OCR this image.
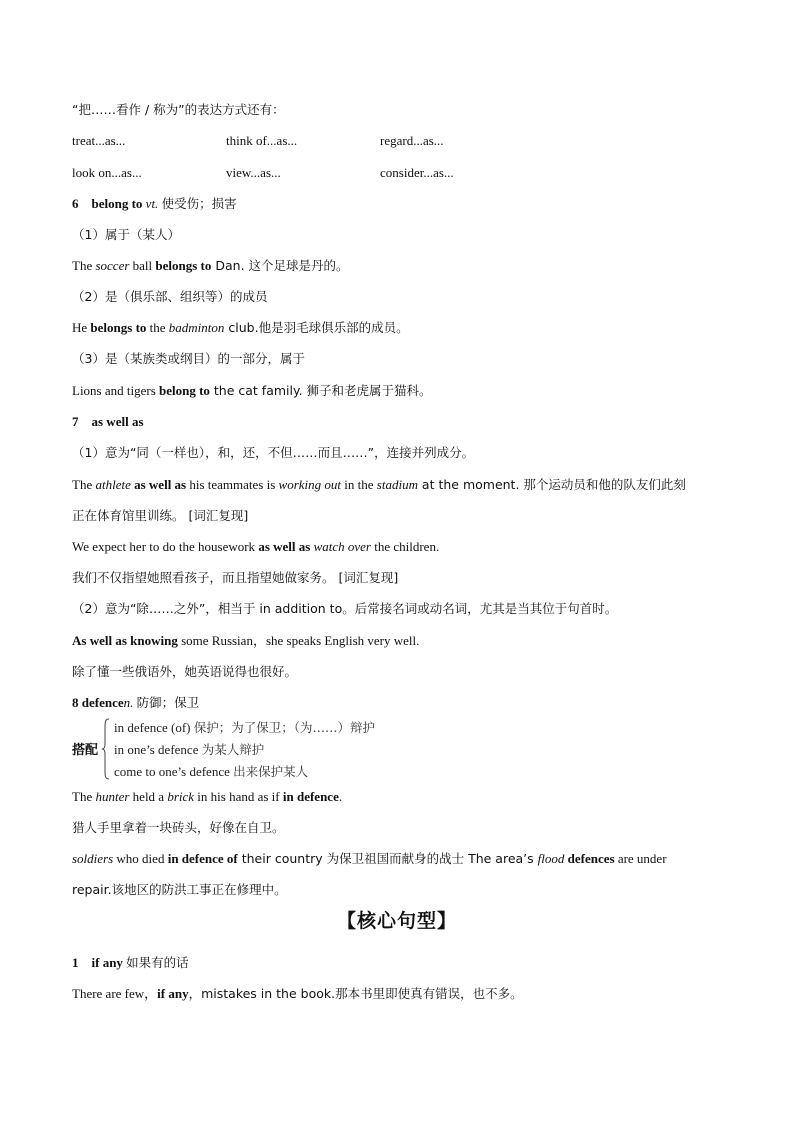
“把……看作 / 称为”的表达方式还有：
treat...as...	think of...as...	regard...as...
look on...as...	view...as...	consider...as...
6 belong to vt. 使受伤；损害
（1）属于（某人）
The soccer ball belongs to Dan. 这个足球是丹的。
（2）是（俱乐部、组织等）的成员
He belongs to the badminton club.他是羽毛球俱乐部的成员。
（3）是（某族类或纲目）的一部分，属于
Lions and tigers belong to the cat family. 狮子和老虎属于猫科。
7 as well as
（1）意为“同（一样也），和，还，不但……而且……”，连接并列成分。
The athlete as well as his teammates is working out in the stadium at the moment. 那个运动员和他的队友们此刻
正在体育馆里训练。 [词汇复现]
We expect her to do the housework as well as watch over the children.
我们不仅指望她照看孩子，而且指望她做家务。 [词汇复现]
（2）意为“除……之外”，相当于 in addition to。后常接名词或动名词，尤其是当其位于句首时。
As well as knowing some Russian，she speaks English very well.
除了懂一些俄语外，她英语说得也很好。
8 defencen. 防御；保卫
搭配
in defence (of) 保护；为了保卫；（为……）辩护
in one’s defence 为某人辩护
come to one’s defence 出来保护某人
The hunter held a brick in his hand as if in defence.
猎人手里拿着一块砖头，好像在自卫。
soldiers who died in defence of their country 为保卫祖国而献身的战士 The area’s flood defences are under
repair.该地区的防洪工事正在修理中。
【核心句型】
1 if any 如果有的话
There are few，if any，mistakes in the book.那本书里即使真有错误，也不多。
